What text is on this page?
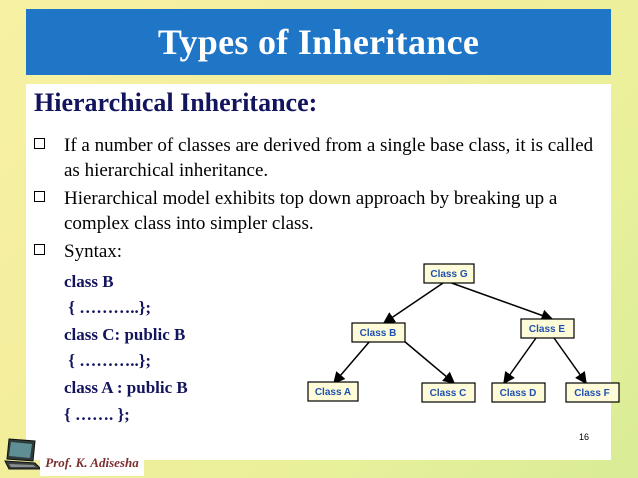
Types of Inheritance
Hierarchical Inheritance:
If a number of classes are derived from a single base class, it is called as hierarchical inheritance.
Hierarchical model exhibits top down approach by breaking up a complex class into simpler class.
Syntax:
class B
{ ………..};
class C: public B
{ ………..};
class A : public B
{ ……. };
Class G
Class B	Class E
Class A	Class C	Class D	Class F
16
Prof. K. Adisesha
